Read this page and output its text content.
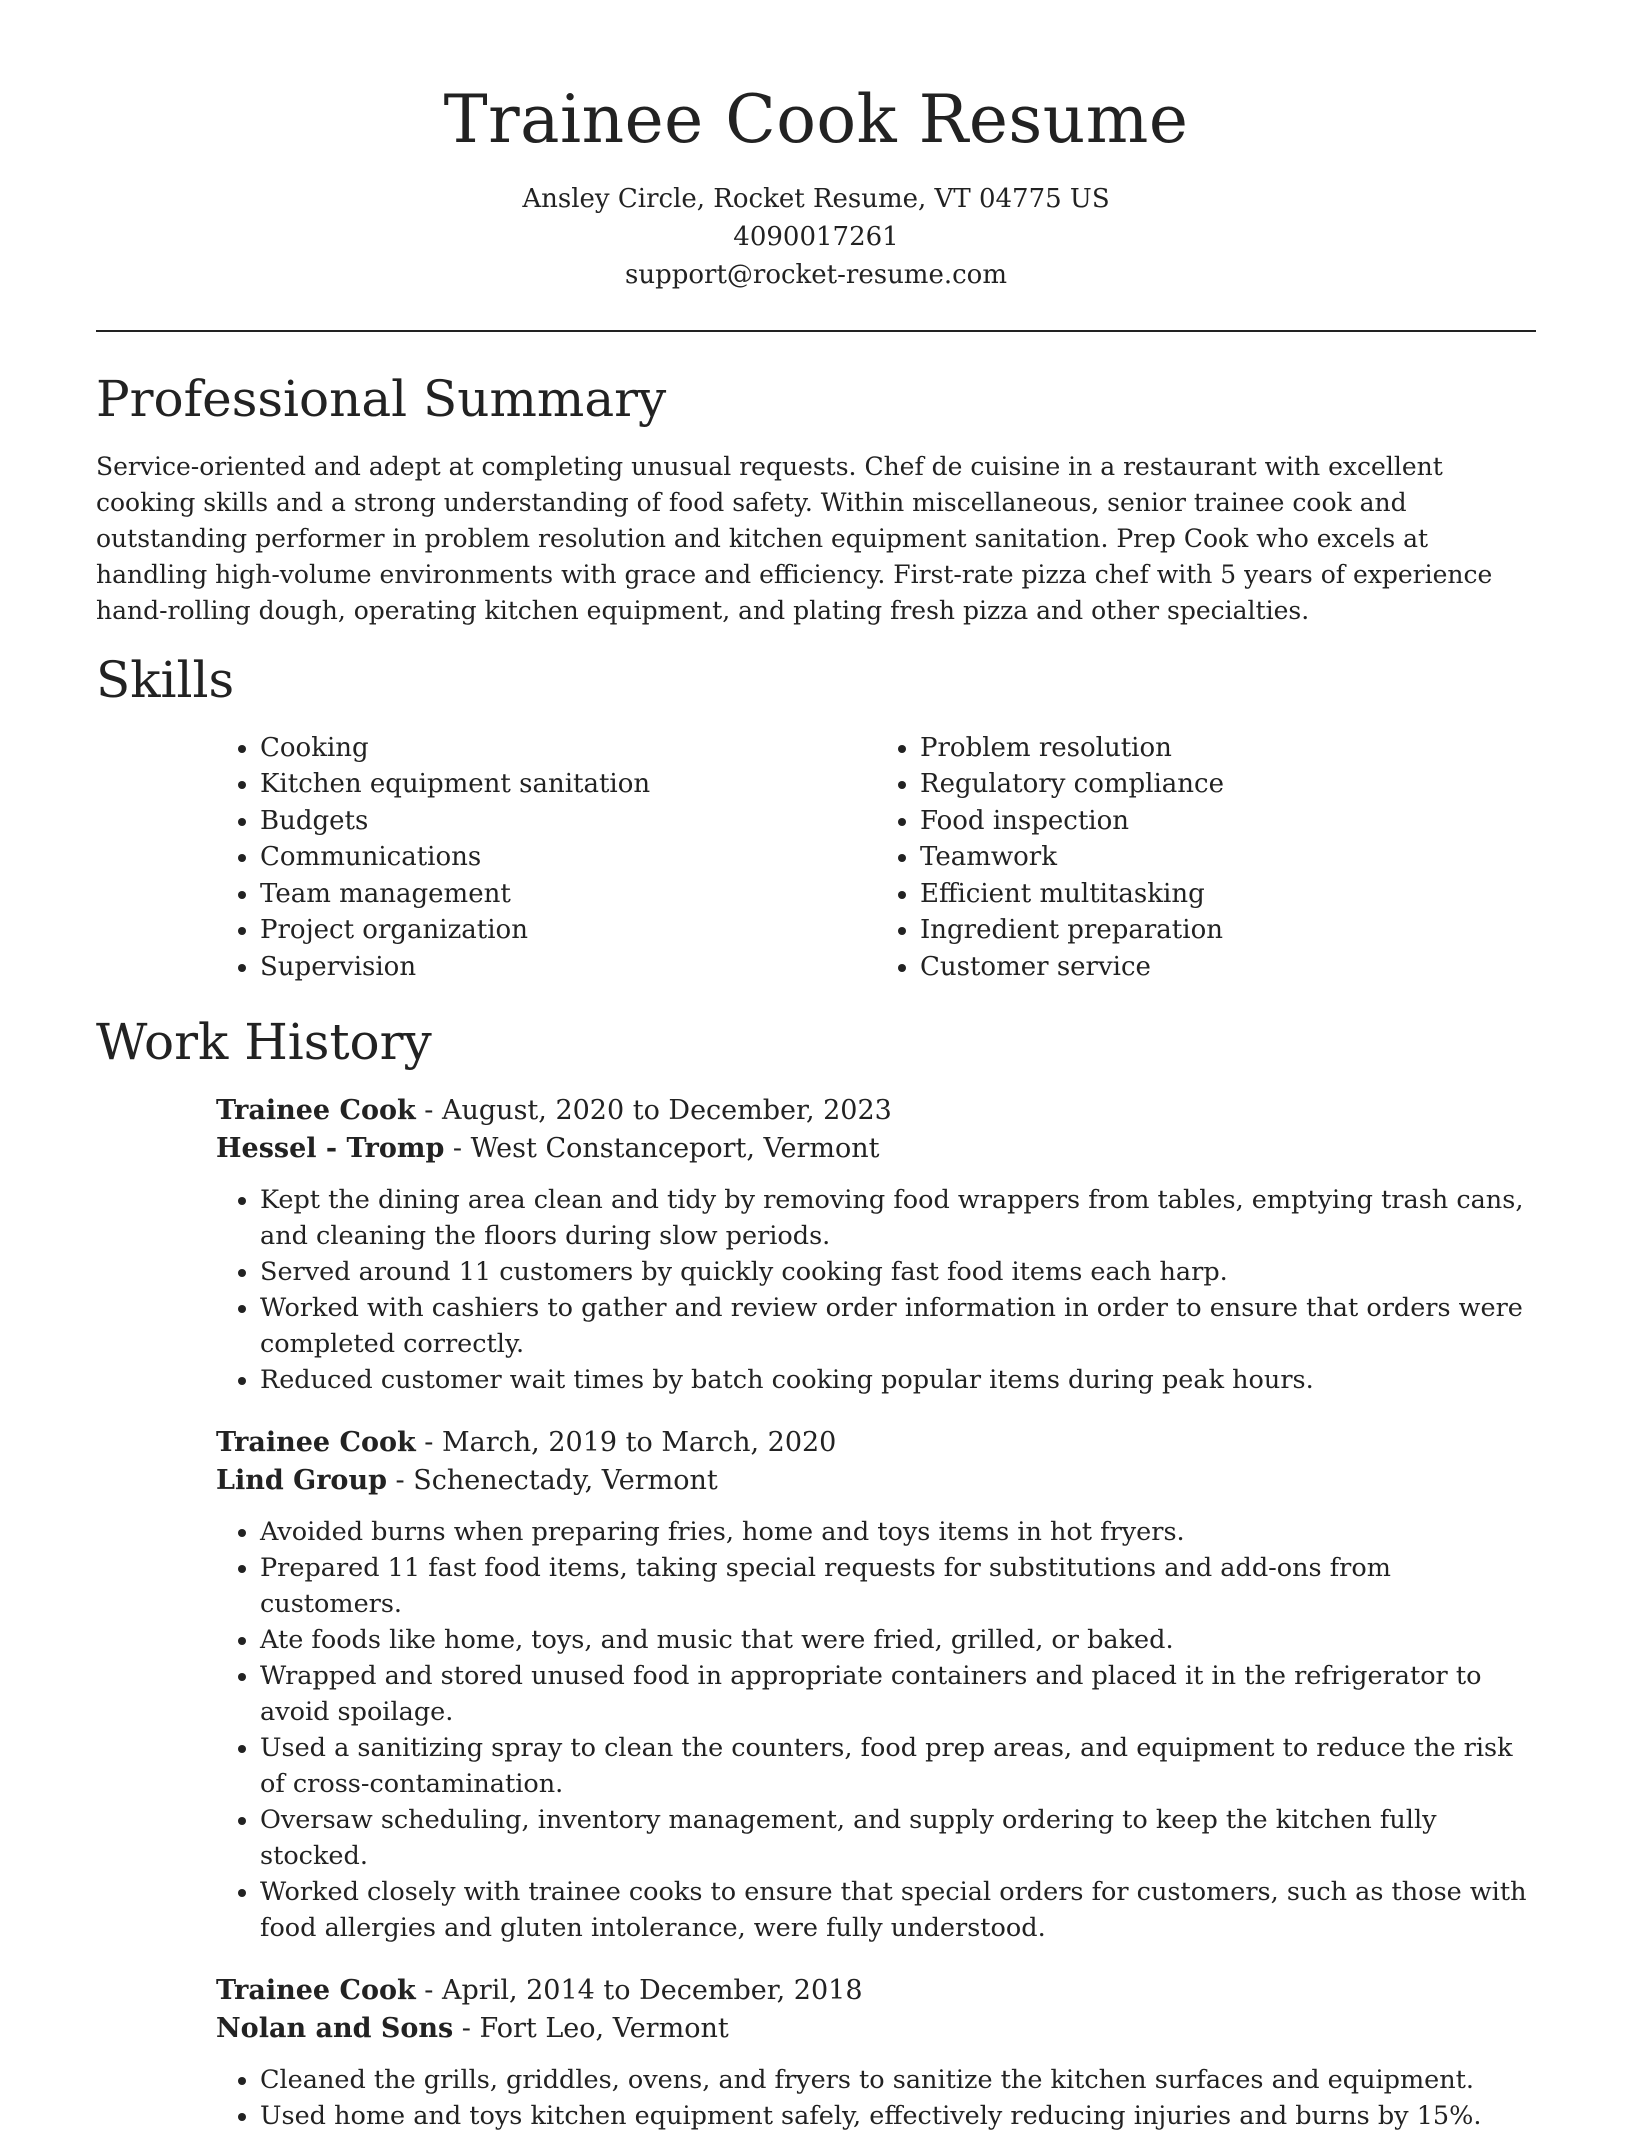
Trainee Cook Resume
Ansley Circle, Rocket Resume, VT 04775 US
4090017261
support@rocket-resume.com
Professional Summary

Service-oriented and adept at completing unusual requests. Chef de cuisine in a restaurant with excellent cooking skills and a strong understanding of food safety. Within miscellaneous, senior trainee cook and outstanding performer in problem resolution and kitchen equipment sanitation. Prep Cook who excels at handling high-volume environments with grace and efficiency. First-rate pizza chef with 5 years of experience hand-rolling dough, operating kitchen equipment, and plating fresh pizza and other specialties.

Skills
• Cooking
• Kitchen equipment sanitation
• Budgets
• Communications
• Team management
• Project organization
• Supervision
• Problem resolution
• Regulatory compliance
• Food inspection
• Teamwork
• Efficient multitasking
• Ingredient preparation
• Customer service
Work History
Trainee Cook - August, 2020 to December, 2023
Hessel - Tromp - West Constanceport, Vermont
• Kept the dining area clean and tidy by removing food wrappers from tables, emptying trash cans, and cleaning the floors during slow periods.
• Served around 11 customers by quickly cooking fast food items each harp.
• Worked with cashiers to gather and review order information in order to ensure that orders were completed correctly.
• Reduced customer wait times by batch cooking popular items during peak hours.
Trainee Cook - March, 2019 to March, 2020
Lind Group - Schenectady, Vermont
• Avoided burns when preparing fries, home and toys items in hot fryers.
• Prepared 11 fast food items, taking special requests for substitutions and add-ons from customers.
• Ate foods like home, toys, and music that were fried, grilled, or baked.
• Wrapped and stored unused food in appropriate containers and placed it in the refrigerator to avoid spoilage.
• Used a sanitizing spray to clean the counters, food prep areas, and equipment to reduce the risk of cross-contamination.
• Oversaw scheduling, inventory management, and supply ordering to keep the kitchen fully stocked.
• Worked closely with trainee cooks to ensure that special orders for customers, such as those with food allergies and gluten intolerance, were fully understood.
Trainee Cook - April, 2014 to December, 2018
Nolan and Sons - Fort Leo, Vermont
• Cleaned the grills, griddles, ovens, and fryers to sanitize the kitchen surfaces and equipment.
• Used home and toys kitchen equipment safely, effectively reducing injuries and burns by 15%.
